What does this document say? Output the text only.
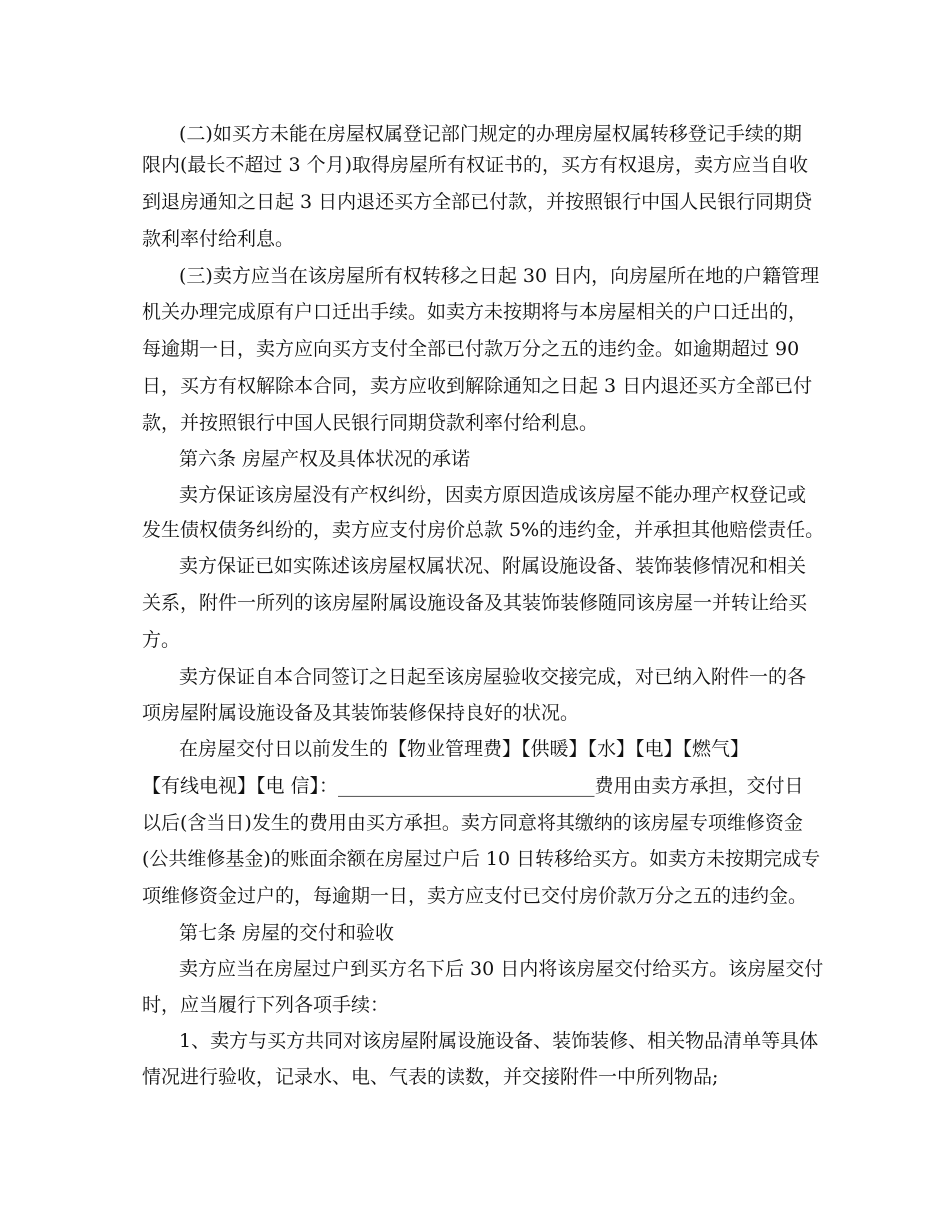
(二)如买方未能在房屋权属登记部门规定的办理房屋权属转移登记手续的期
限内(最长不超过 3 个月)取得房屋所有权证书的，买方有权退房，卖方应当自收
到退房通知之日起 3 日内退还买方全部已付款，并按照银行中国人民银行同期贷
款利率付给利息。
(三)卖方应当在该房屋所有权转移之日起 30 日内，向房屋所在地的户籍管理
机关办理完成原有户口迁出手续。如卖方未按期将与本房屋相关的户口迁出的，
每逾期一日，卖方应向买方支付全部已付款万分之五的违约金。如逾期超过 90
日，买方有权解除本合同，卖方应收到解除通知之日起 3 日内退还买方全部已付
款，并按照银行中国人民银行同期贷款利率付给利息。
第六条 房屋产权及具体状况的承诺
卖方保证该房屋没有产权纠纷，因卖方原因造成该房屋不能办理产权登记或
发生债权债务纠纷的，卖方应支付房价总款 5%的违约金，并承担其他赔偿责任。
卖方保证已如实陈述该房屋权属状况、附属设施设备、装饰装修情况和相关
关系，附件一所列的该房屋附属设施设备及其装饰装修随同该房屋一并转让给买
方。
卖方保证自本合同签订之日起至该房屋验收交接完成，对已纳入附件一的各
项房屋附属设施设备及其装饰装修保持良好的状况。
在房屋交付日以前发生的【物业管理费】【供暖】【水】【电】【燃气】
【有线电视】【电 信】：___________________________费用由卖方承担，交付日
以后(含当日)发生的费用由买方承担。卖方同意将其缴纳的该房屋专项维修资金
(公共维修基金)的账面余额在房屋过户后 10 日转移给买方。如卖方未按期完成专
项维修资金过户的，每逾期一日，卖方应支付已交付房价款万分之五的违约金。
第七条 房屋的交付和验收
卖方应当在房屋过户到买方名下后 30 日内将该房屋交付给买方。该房屋交付
时，应当履行下列各项手续：
1、卖方与买方共同对该房屋附属设施设备、装饰装修、相关物品清单等具体
情况进行验收，记录水、电、气表的读数，并交接附件一中所列物品;
